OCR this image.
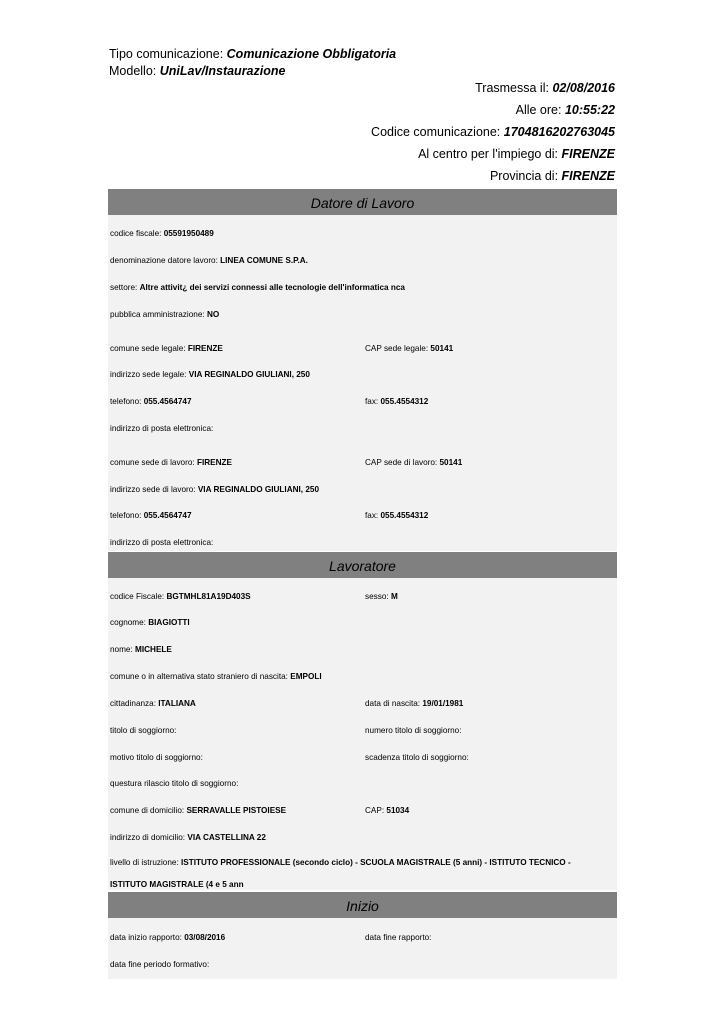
Tipo comunicazione: Comunicazione Obbligatoria
Modello: UniLav/Instaurazione
Trasmessa il: 02/08/2016
Alle ore: 10:55:22
Codice comunicazione: 1704816202763045
Al centro per l'impiego di: FIRENZE
Provincia di: FIRENZE
Datore di Lavoro
codice fiscale: 05591950489
denominazione datore lavoro: LINEA COMUNE S.P.A.
settore: Altre attivit¿ dei servizi connessi alle tecnologie dell'informatica nca
pubblica amministrazione: NO
comune sede legale: FIRENZE	CAP sede legale: 50141
indirizzo sede legale: VIA REGINALDO GIULIANI, 250
telefono: 055.4564747	fax: 055.4554312
indirizzo di posta elettronica:
comune sede di lavoro: FIRENZE	CAP sede di lavoro: 50141
indirizzo sede di lavoro: VIA REGINALDO GIULIANI, 250
telefono: 055.4564747	fax: 055.4554312
indirizzo di posta elettronica:
Lavoratore
codice Fiscale: BGTMHL81A19D403S	sesso: M
cognome: BIAGIOTTI
nome: MICHELE
comune o in alternativa stato straniero di nascita: EMPOLI
cittadinanza: ITALIANA	data di nascita: 19/01/1981
titolo di soggiorno:	numero titolo di soggiorno:
motivo titolo di soggiorno:	scadenza titolo di soggiorno:
questura rilascio titolo di soggiorno:
comune di domicilio: SERRAVALLE PISTOIESE	CAP: 51034
indirizzo di domicilio: VIA CASTELLINA 22
livello di istruzione: ISTITUTO PROFESSIONALE (secondo ciclo) - SCUOLA MAGISTRALE (5 anni) - ISTITUTO TECNICO -
ISTITUTO MAGISTRALE (4 e 5 ann
Inizio
data inizio rapporto: 03/08/2016	data fine rapporto:
data fine periodo formativo:
